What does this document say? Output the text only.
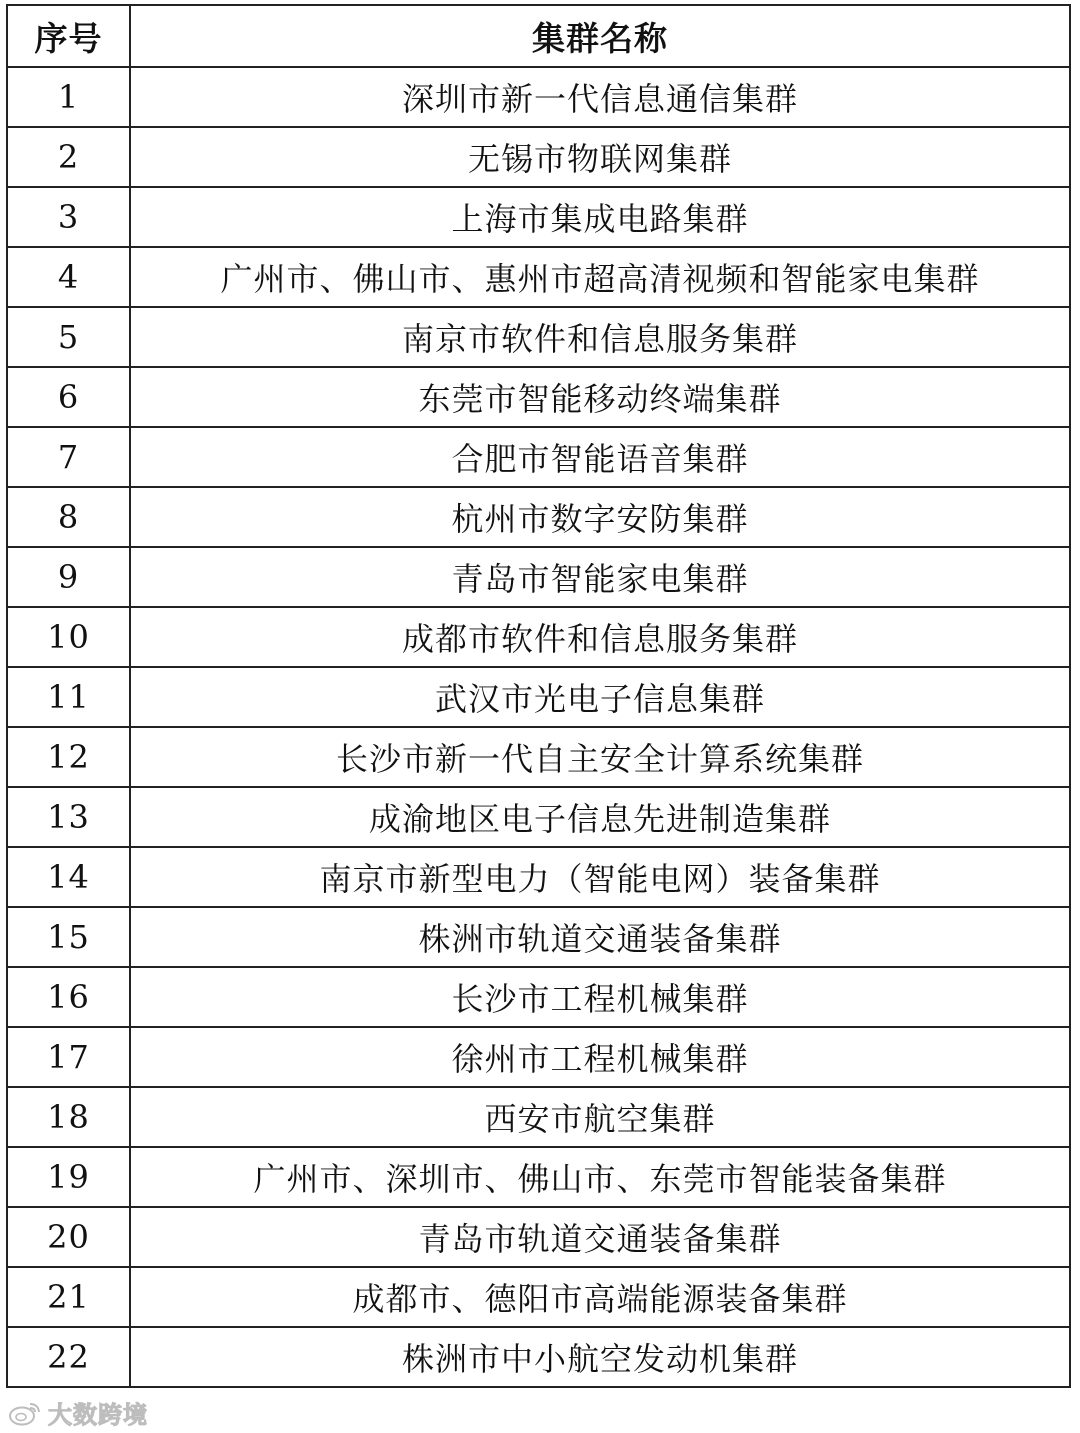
序号	集群名称
1	深圳市新一代信息通信集群
2	无锡市物联网集群
3	上海市集成电路集群
4	广州市、佛山市、惠州市超高清视频和智能家电集群
5	南京市软件和信息服务集群
6	东莞市智能移动终端集群
7	合肥市智能语音集群
8	杭州市数字安防集群
9	青岛市智能家电集群
10	成都市软件和信息服务集群
11	武汉市光电子信息集群
12	长沙市新一代自主安全计算系统集群
13	成渝地区电子信息先进制造集群
14	南京市新型电力（智能电网）装备集群
15	株洲市轨道交通装备集群
16	长沙市工程机械集群
17	徐州市工程机械集群
18	西安市航空集群
19	广州市、深圳市、佛山市、东莞市智能装备集群
20	青岛市轨道交通装备集群
21	成都市、德阳市高端能源装备集群
22	株洲市中小航空发动机集群
大数跨境
